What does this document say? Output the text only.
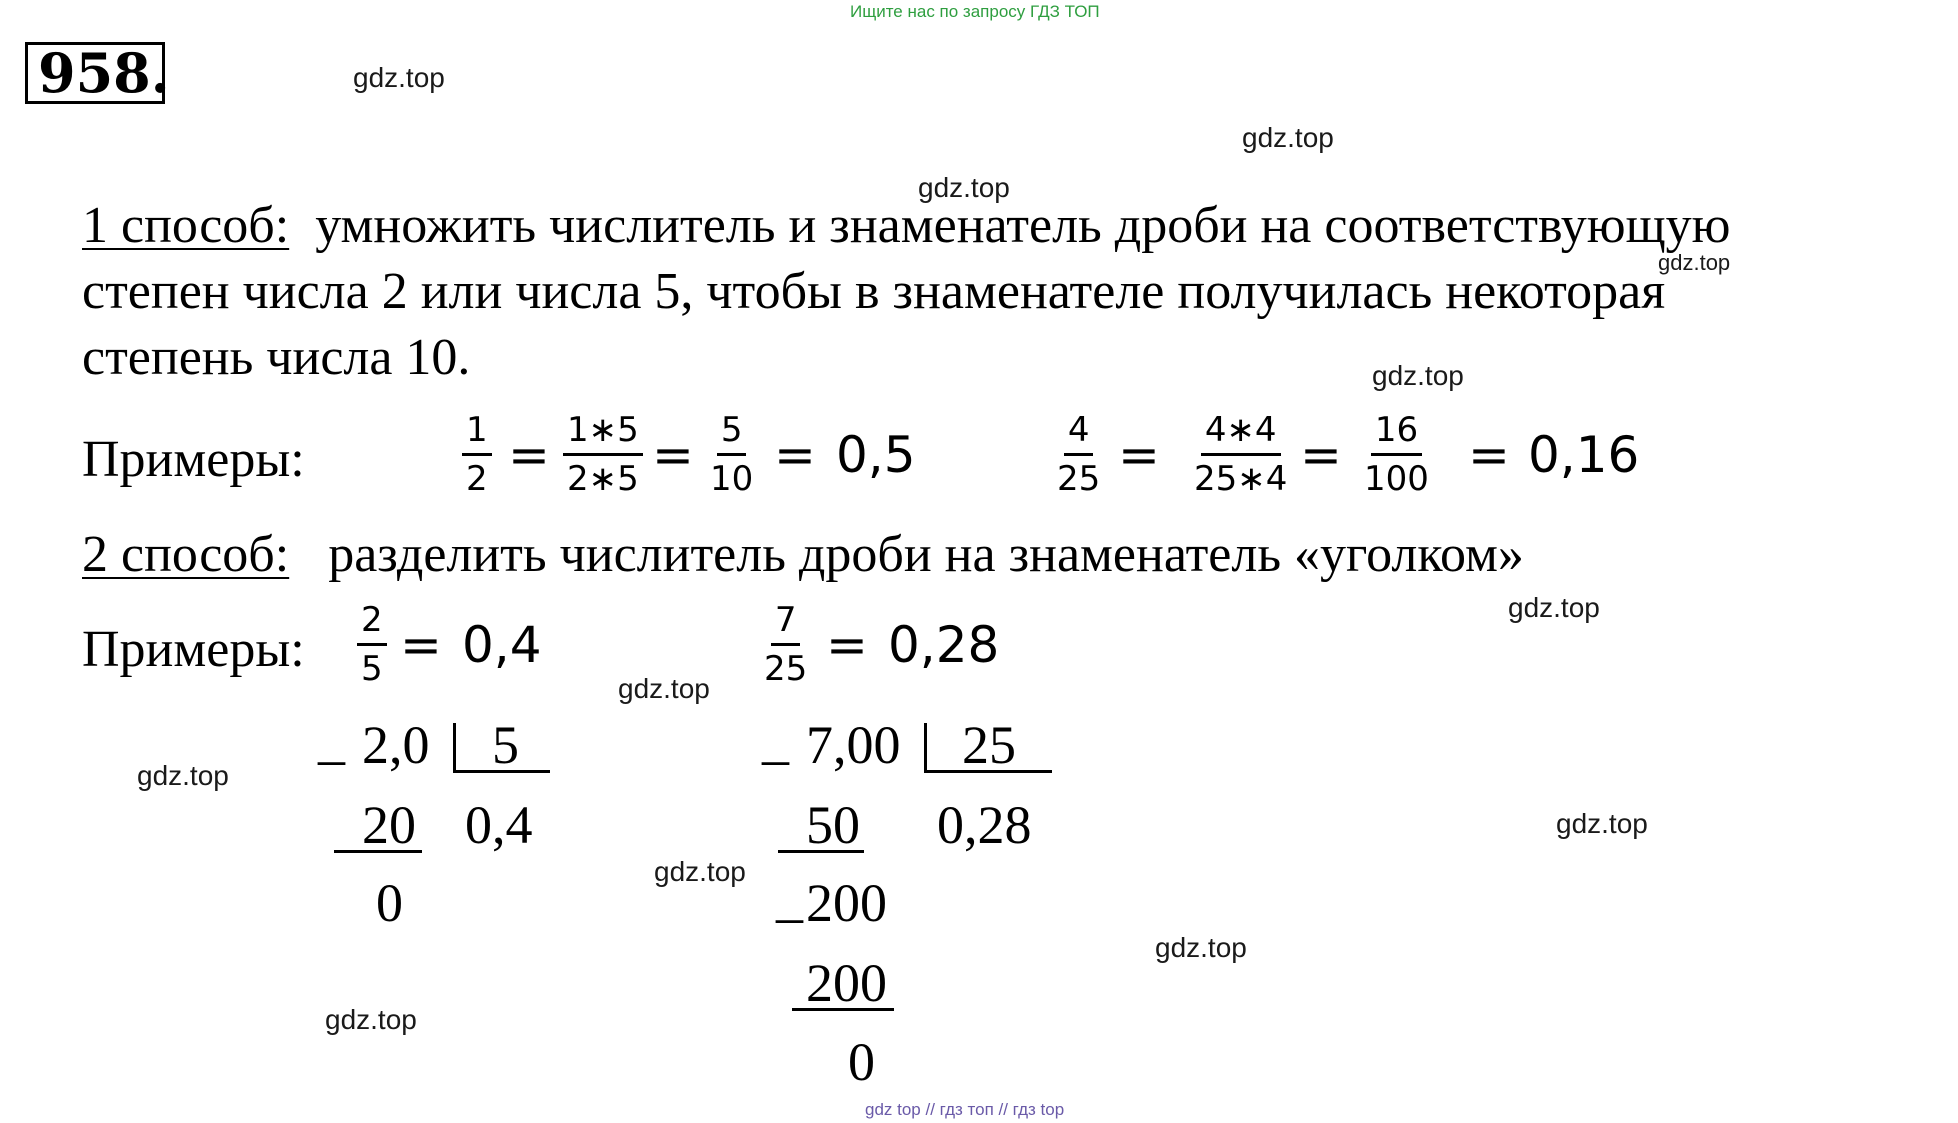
Ищите нас по запросу ГДЗ ТОП
958.
1 способ: умножить числитель и знаменатель дроби на соответствующую
степен числа 2 или числа 5, чтобы в знаменателе получилась некоторая
степень числа 10.
Примеры:	$\frac{1}{2} = \frac{1∗5}{2∗5} = \frac{5}{10} = 0,5$	$\frac{4}{25} = \frac{4∗4}{25∗4} = \frac{16}{100} = 0,16$
2 способ: разделить числитель дроби на знаменатель «уголком»
Примеры: $\frac{2}{5} = 0,4$	$\frac{7}{25} = 0,28$
_ 2,0 5
20 0,4
0
_ 7,00 25
50 0,28
_ 200
200
0
gdz.top
gdz.top
gdz.top
gdz.top
gdz.top
gdz.top
gdz.top
gdz.top
gdz.top
gdz.top
gdz.top
gdz.top
gdz top // гдз топ // гдз top
